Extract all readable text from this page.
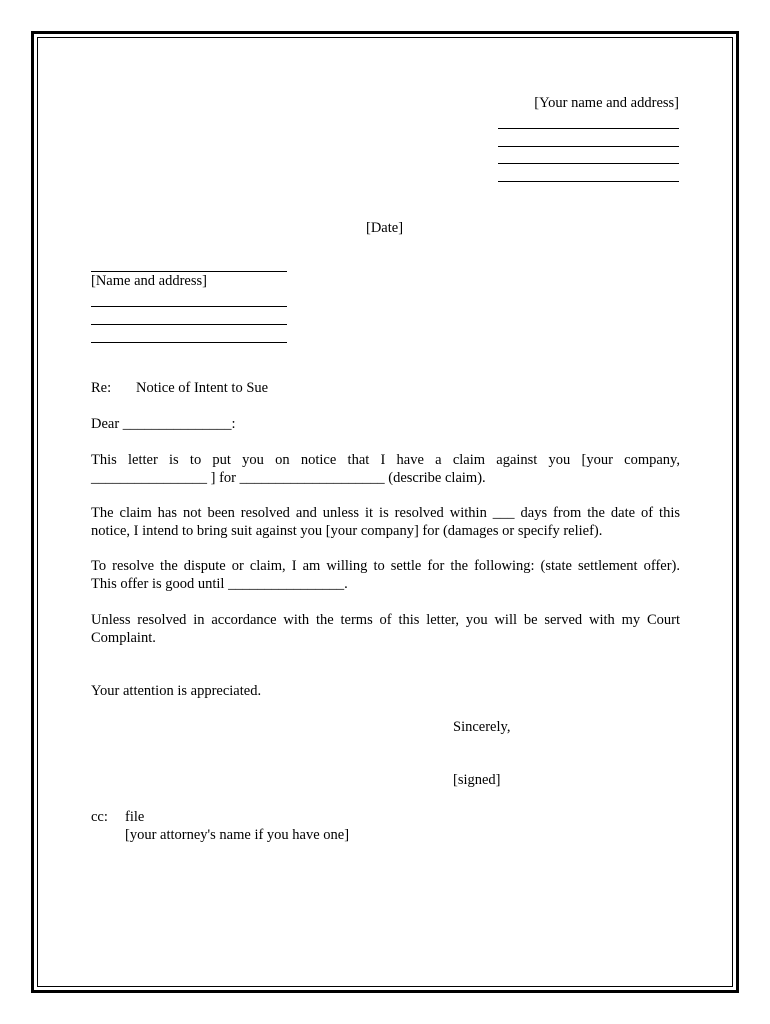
[Your name and address]
[Date]
[Name and address]
Re: Notice of Intent to Sue
Dear _______________:
This letter is to put you on notice that I have a claim against you [your company,
________________ ] for ____________________ (describe claim).
The claim has not been resolved and unless it is resolved within ___ days from the date of this
notice, I intend to bring suit against you [your company] for (damages or specify relief).
To resolve the dispute or claim, I am willing to settle for the following: (state settlement offer).
This offer is good until ________________.
Unless resolved in accordance with the terms of this letter, you will be served with my Court
Complaint.
Your attention is appreciated.
Sincerely,
[signed]
cc: file
[your attorney's name if you have one]
